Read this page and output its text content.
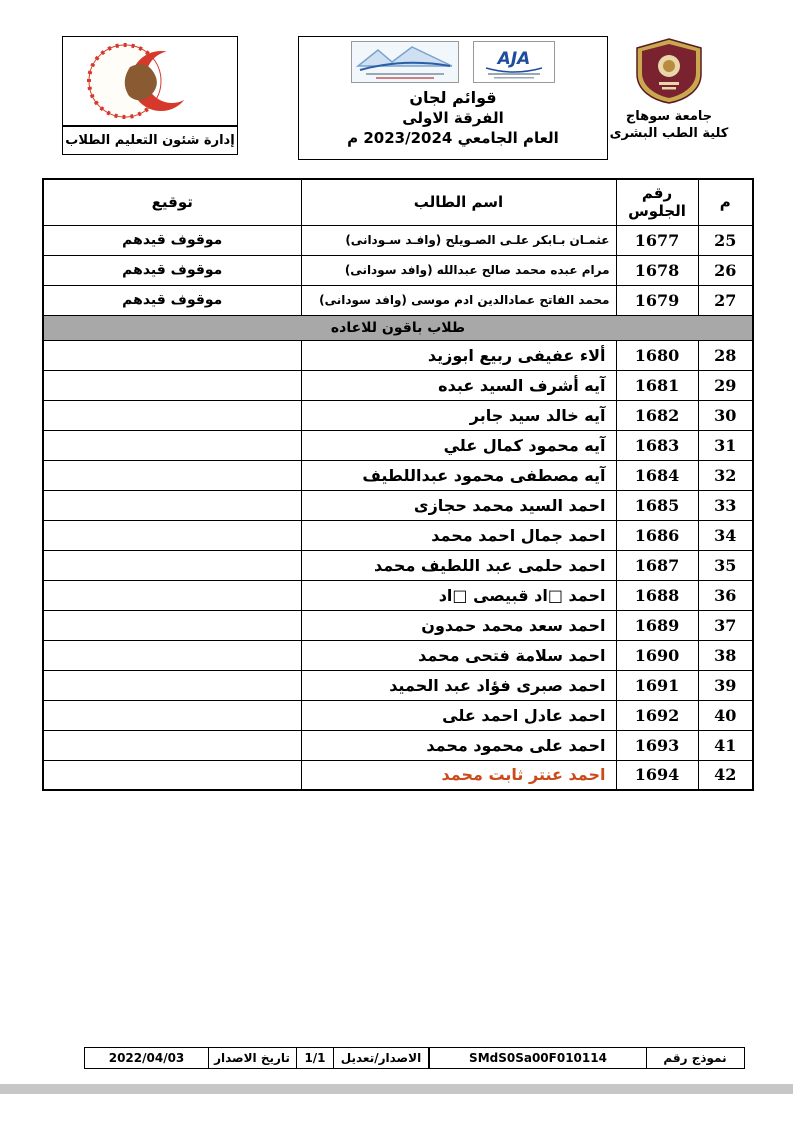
جامعة سوهاج
كلية الطب البشرى
AJA
قوائم لجان
الفرقة الاولى
العام الجامعي 2023/2024 م
إدارة شئون التعليم الطلاب
م	رقم الجلوس	اسم الطالب	توقيع
25	1677	عثمـان بـابكر علـى الصـويلح (وافـد سـودانى)	موقوف قيدهم
26	1678	مرام عبده محمد صالح عبدالله (وافد سودانى)	موقوف قيدهم
27	1679	محمد الفاتح عمادالدين ادم موسى (وافد سودانى)	موقوف قيدهم
طلاب باقون للاعاده			
28	1680	ألاء عفيفى ربيع ابوزيد	
29	1681	آيه أشرف السيد عبده	
30	1682	آيه خالد سيد جابر	
31	1683	آيه محمود كمال علي	
32	1684	آيه مصطفى محمود عبداللطيف	
33	1685	احمد السيد محمد حجازى	
34	1686	احمد جمال احمد محمد	
35	1687	احمد حلمى عبد اللطيف محمد	
36	1688	احمد □اد قبيصى □اد	
37	1689	احمد سعد محمد حمدون	
38	1690	احمد سلامة فتحى محمد	
39	1691	احمد صبرى فؤاد عبد الحميد	
40	1692	احمد عادل احمد على	
41	1693	احمد على محمود محمد	
42	1694	احمد عنتر ثابت محمد	
نموذج رقم
SMdS0Sa00F010114
الاصدار/تعديل
1/1
تاريخ الاصدار
2022/04/03
